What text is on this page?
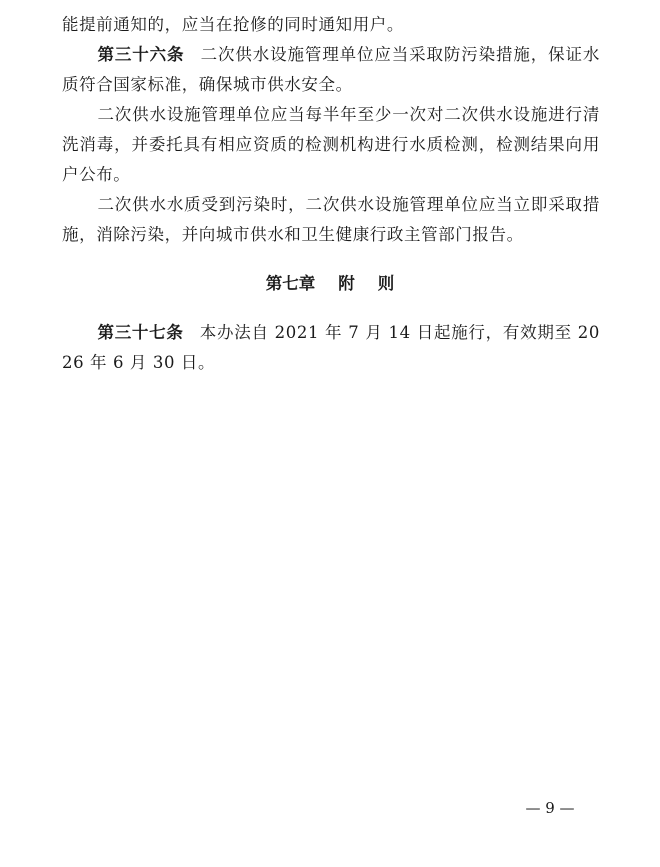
能提前通知的，应当在抢修的同时通知用户。

第三十六条 二次供水设施管理单位应当采取防污染措施，保证水质符合国家标准，确保城市供水安全。

二次供水设施管理单位应当每半年至少一次对二次供水设施进行清洗消毒，并委托具有相应资质的检测机构进行水质检测，检测结果向用户公布。

二次供水水质受到污染时，二次供水设施管理单位应当立即采取措施，消除污染，并向城市供水和卫生健康行政主管部门报告。

第七章    附    则

第三十七条 本办法自 2021 年 7 月 14 日起施行，有效期至 2026 年 6 月 30 日。

— 9 —
